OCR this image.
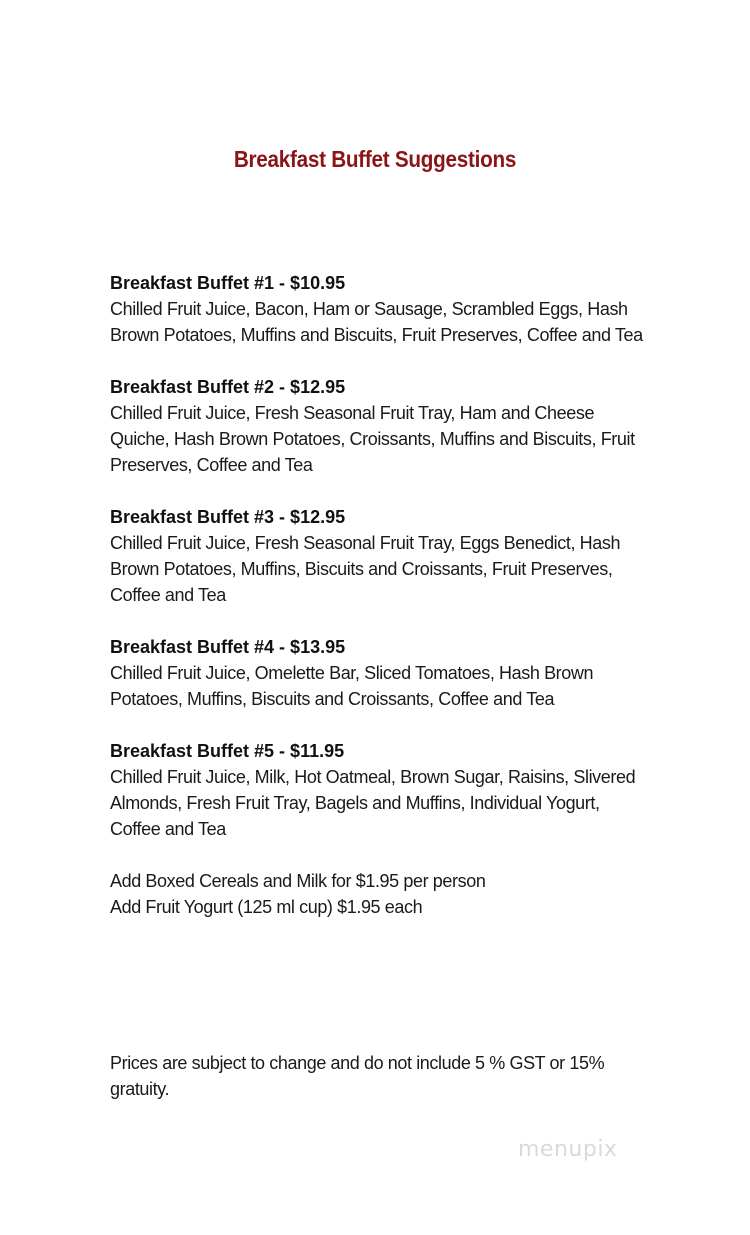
Breakfast Buffet Suggestions
Breakfast Buffet #1 - $10.95
Chilled Fruit Juice, Bacon, Ham or Sausage, Scrambled Eggs, Hash Brown Potatoes, Muffins and Biscuits, Fruit Preserves, Coffee and Tea
Breakfast Buffet #2 - $12.95
Chilled Fruit Juice, Fresh Seasonal Fruit Tray, Ham and Cheese Quiche, Hash Brown Potatoes, Croissants, Muffins and Biscuits, Fruit Preserves, Coffee and Tea
Breakfast Buffet #3 - $12.95
Chilled Fruit Juice, Fresh Seasonal Fruit Tray, Eggs Benedict, Hash Brown Potatoes, Muffins, Biscuits and Croissants, Fruit Preserves, Coffee and Tea
Breakfast Buffet #4 - $13.95
Chilled Fruit Juice, Omelette Bar, Sliced Tomatoes, Hash Brown Potatoes, Muffins, Biscuits and Croissants, Coffee and Tea
Breakfast Buffet #5 - $11.95
Chilled Fruit Juice, Milk, Hot Oatmeal, Brown Sugar, Raisins, Slivered Almonds, Fresh Fruit Tray, Bagels and Muffins, Individual Yogurt, Coffee and Tea
Add Boxed Cereals and Milk for $1.95 per person
Add Fruit Yogurt (125 ml cup) $1.95 each
Prices are subject to change and do not include 5 % GST or 15% gratuity.
menupix
